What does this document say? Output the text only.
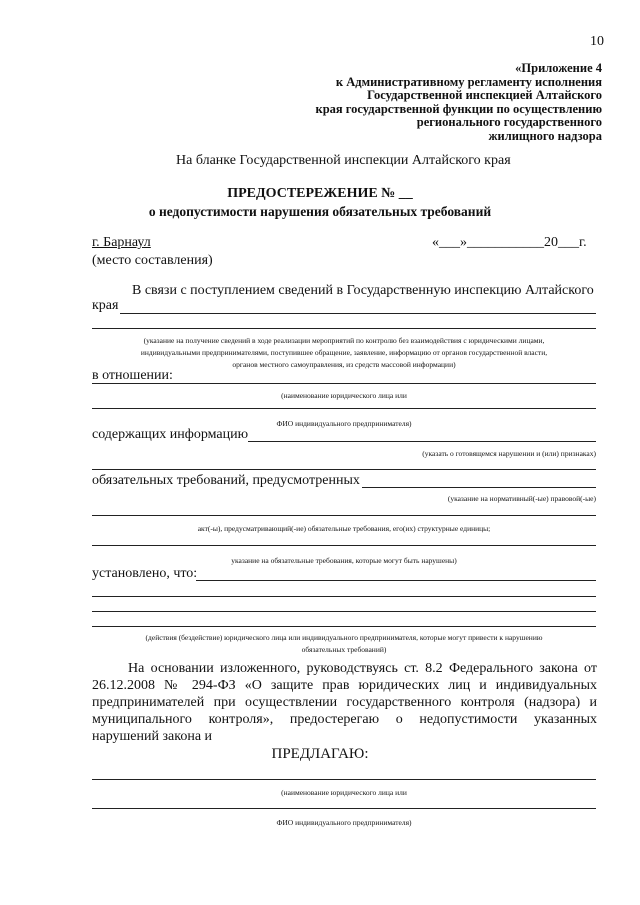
10
«Приложение 4
к Административному регламенту исполнения
Государственной инспекцией Алтайского
края государственной функции по осуществлению
регионального государственного
жилищного надзора
На бланке Государственной инспекции Алтайского края
ПРЕДОСТЕРЕЖЕНИЕ № __
о недопустимости нарушения обязательных требований
г. Барнаул
(место составления)
«___»___________20___г.
В связи с поступлением сведений в Государственную инспекцию Алтайского
края
(указание на получение сведений в ходе реализации мероприятий по контролю без взаимодействия с юридическими лицами,
индивидуальными предпринимателями, поступившее обращение, заявление, информацию от органов государственной власти,
органов местного самоуправления, из средств массовой информации)
в отношении:
(наименование юридического лица или
ФИО индивидуального предпринимателя)
содержащих информацию
(указать о готовящемся нарушении и (или) признаках)
обязательных требований, предусмотренных
(указание на нормативный(-ые) правовой(-ые)
акт(-ы), предусматривающий(-ие) обязательные требования, его(их) структурные единицы;
указание на обязательные требования, которые могут быть нарушены)
установлено, что:
(действия (бездействие) юридического лица или индивидуального предпринимателя, которые могут привести к нарушению
обязательных требований)

На основании изложенного, руководствуясь ст. 8.2 Федерального закона от 26.12.2008 № 294-ФЗ «О защите прав юридических лиц и индивидуальных предпринимателей при осуществлении государственного контроля (надзора) и муниципального контроля», предостерегаю о недопустимости указанных нарушений закона и

ПРЕДЛАГАЮ:
(наименование юридического лица или
ФИО индивидуального предпринимателя)
